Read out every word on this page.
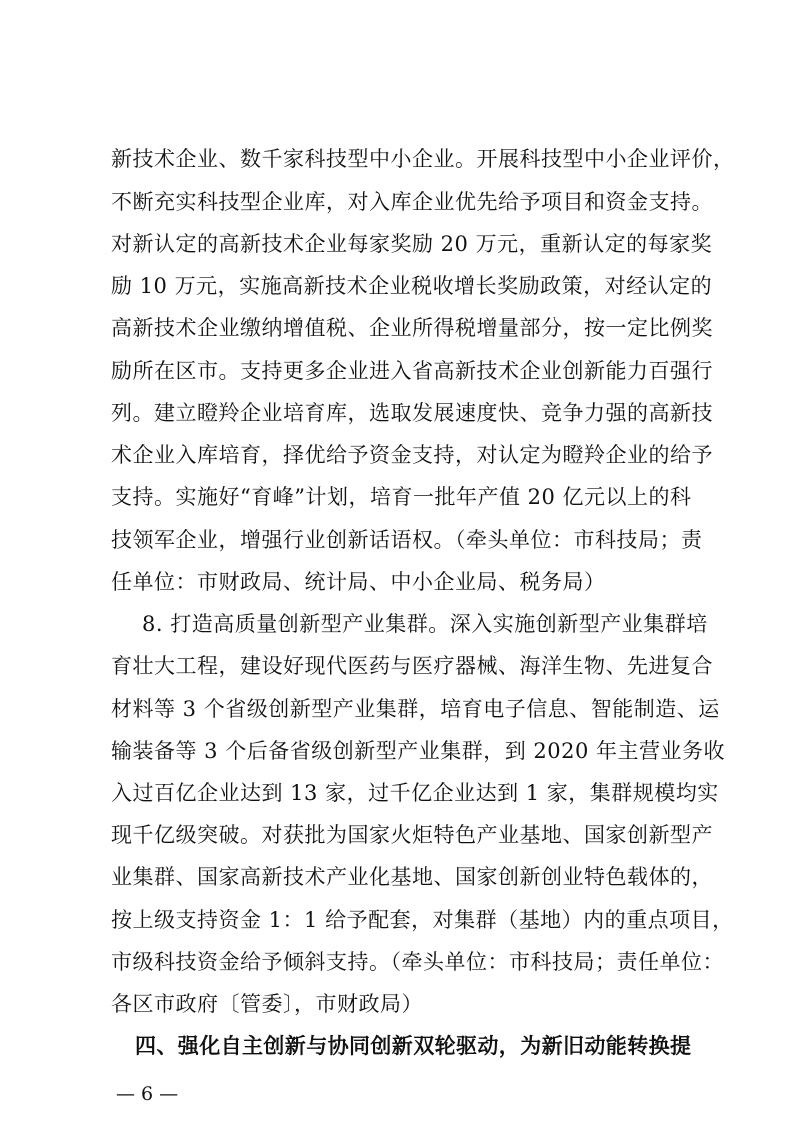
新技术企业、数千家科技型中小企业。开展科技型中小企业评价，
不断充实科技型企业库，对入库企业优先给予项目和资金支持。
对新认定的高新技术企业每家奖励 20 万元，重新认定的每家奖
励 10 万元，实施高新技术企业税收增长奖励政策，对经认定的
高新技术企业缴纳增值税、企业所得税增量部分，按一定比例奖
励所在区市。支持更多企业进入省高新技术企业创新能力百强行
列。建立瞪羚企业培育库，选取发展速度快、竞争力强的高新技
术企业入库培育，择优给予资金支持，对认定为瞪羚企业的给予
支持。实施好“育峰”计划，培育一批年产值 20 亿元以上的科
技领军企业，增强行业创新话语权。（牵头单位：市科技局；责
任单位：市财政局、统计局、中小企业局、税务局）
8. 打造高质量创新型产业集群。深入实施创新型产业集群培
育壮大工程，建设好现代医药与医疗器械、海洋生物、先进复合
材料等 3 个省级创新型产业集群，培育电子信息、智能制造、运
输装备等 3 个后备省级创新型产业集群，到 2020 年主营业务收
入过百亿企业达到 13 家，过千亿企业达到 1 家，集群规模均实
现千亿级突破。对获批为国家火炬特色产业基地、国家创新型产
业集群、国家高新技术产业化基地、国家创新创业特色载体的，
按上级支持资金 1：1 给予配套，对集群（基地）内的重点项目，
市级科技资金给予倾斜支持。（牵头单位：市科技局；责任单位：
各区市政府〔管委〕，市财政局）
四、强化自主创新与协同创新双轮驱动，为新旧动能转换提
— 6 —
